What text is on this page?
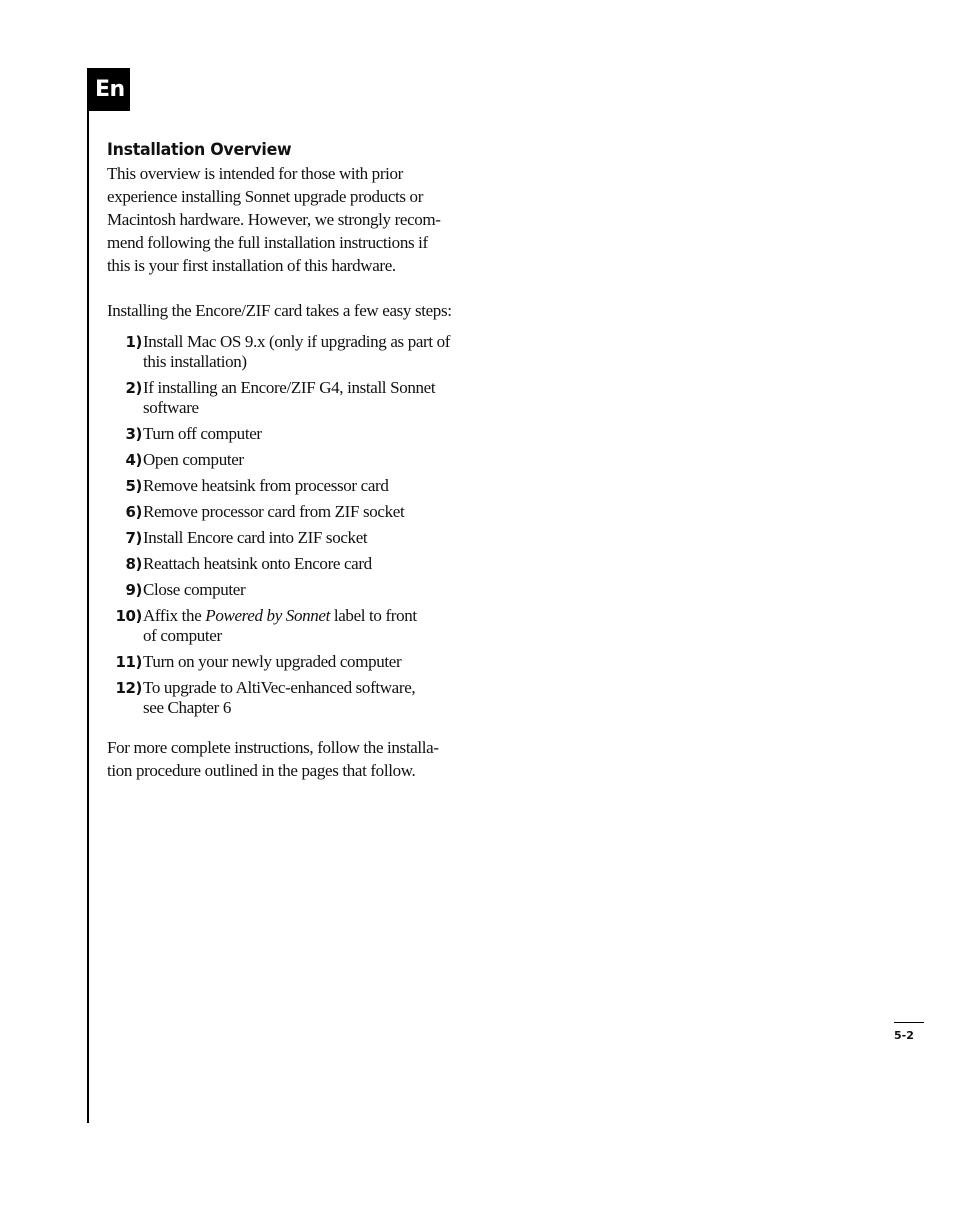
En
Installation Overview

This overview is intended for those with prior
experience installing Sonnet upgrade products or
Macintosh hardware. However, we strongly recom-
mend following the full installation instructions if
this is your first installation of this hardware.

Installing the Encore/ZIF card takes a few easy steps:

1) Install Mac OS 9.x (only if upgrading as part of
this installation)
2) If installing an Encore/ZIF G4, install Sonnet
software
3) Turn off computer
4) Open computer
5) Remove heatsink from processor card
6) Remove processor card from ZIF socket
7) Install Encore card into ZIF socket
8) Reattach heatsink onto Encore card
9) Close computer
10) Affix the Powered by Sonnet label to front
of computer
11) Turn on your newly upgraded computer
12) To upgrade to AltiVec-enhanced software,
see Chapter 6

For more complete instructions, follow the installa-
tion procedure outlined in the pages that follow.

5-2
